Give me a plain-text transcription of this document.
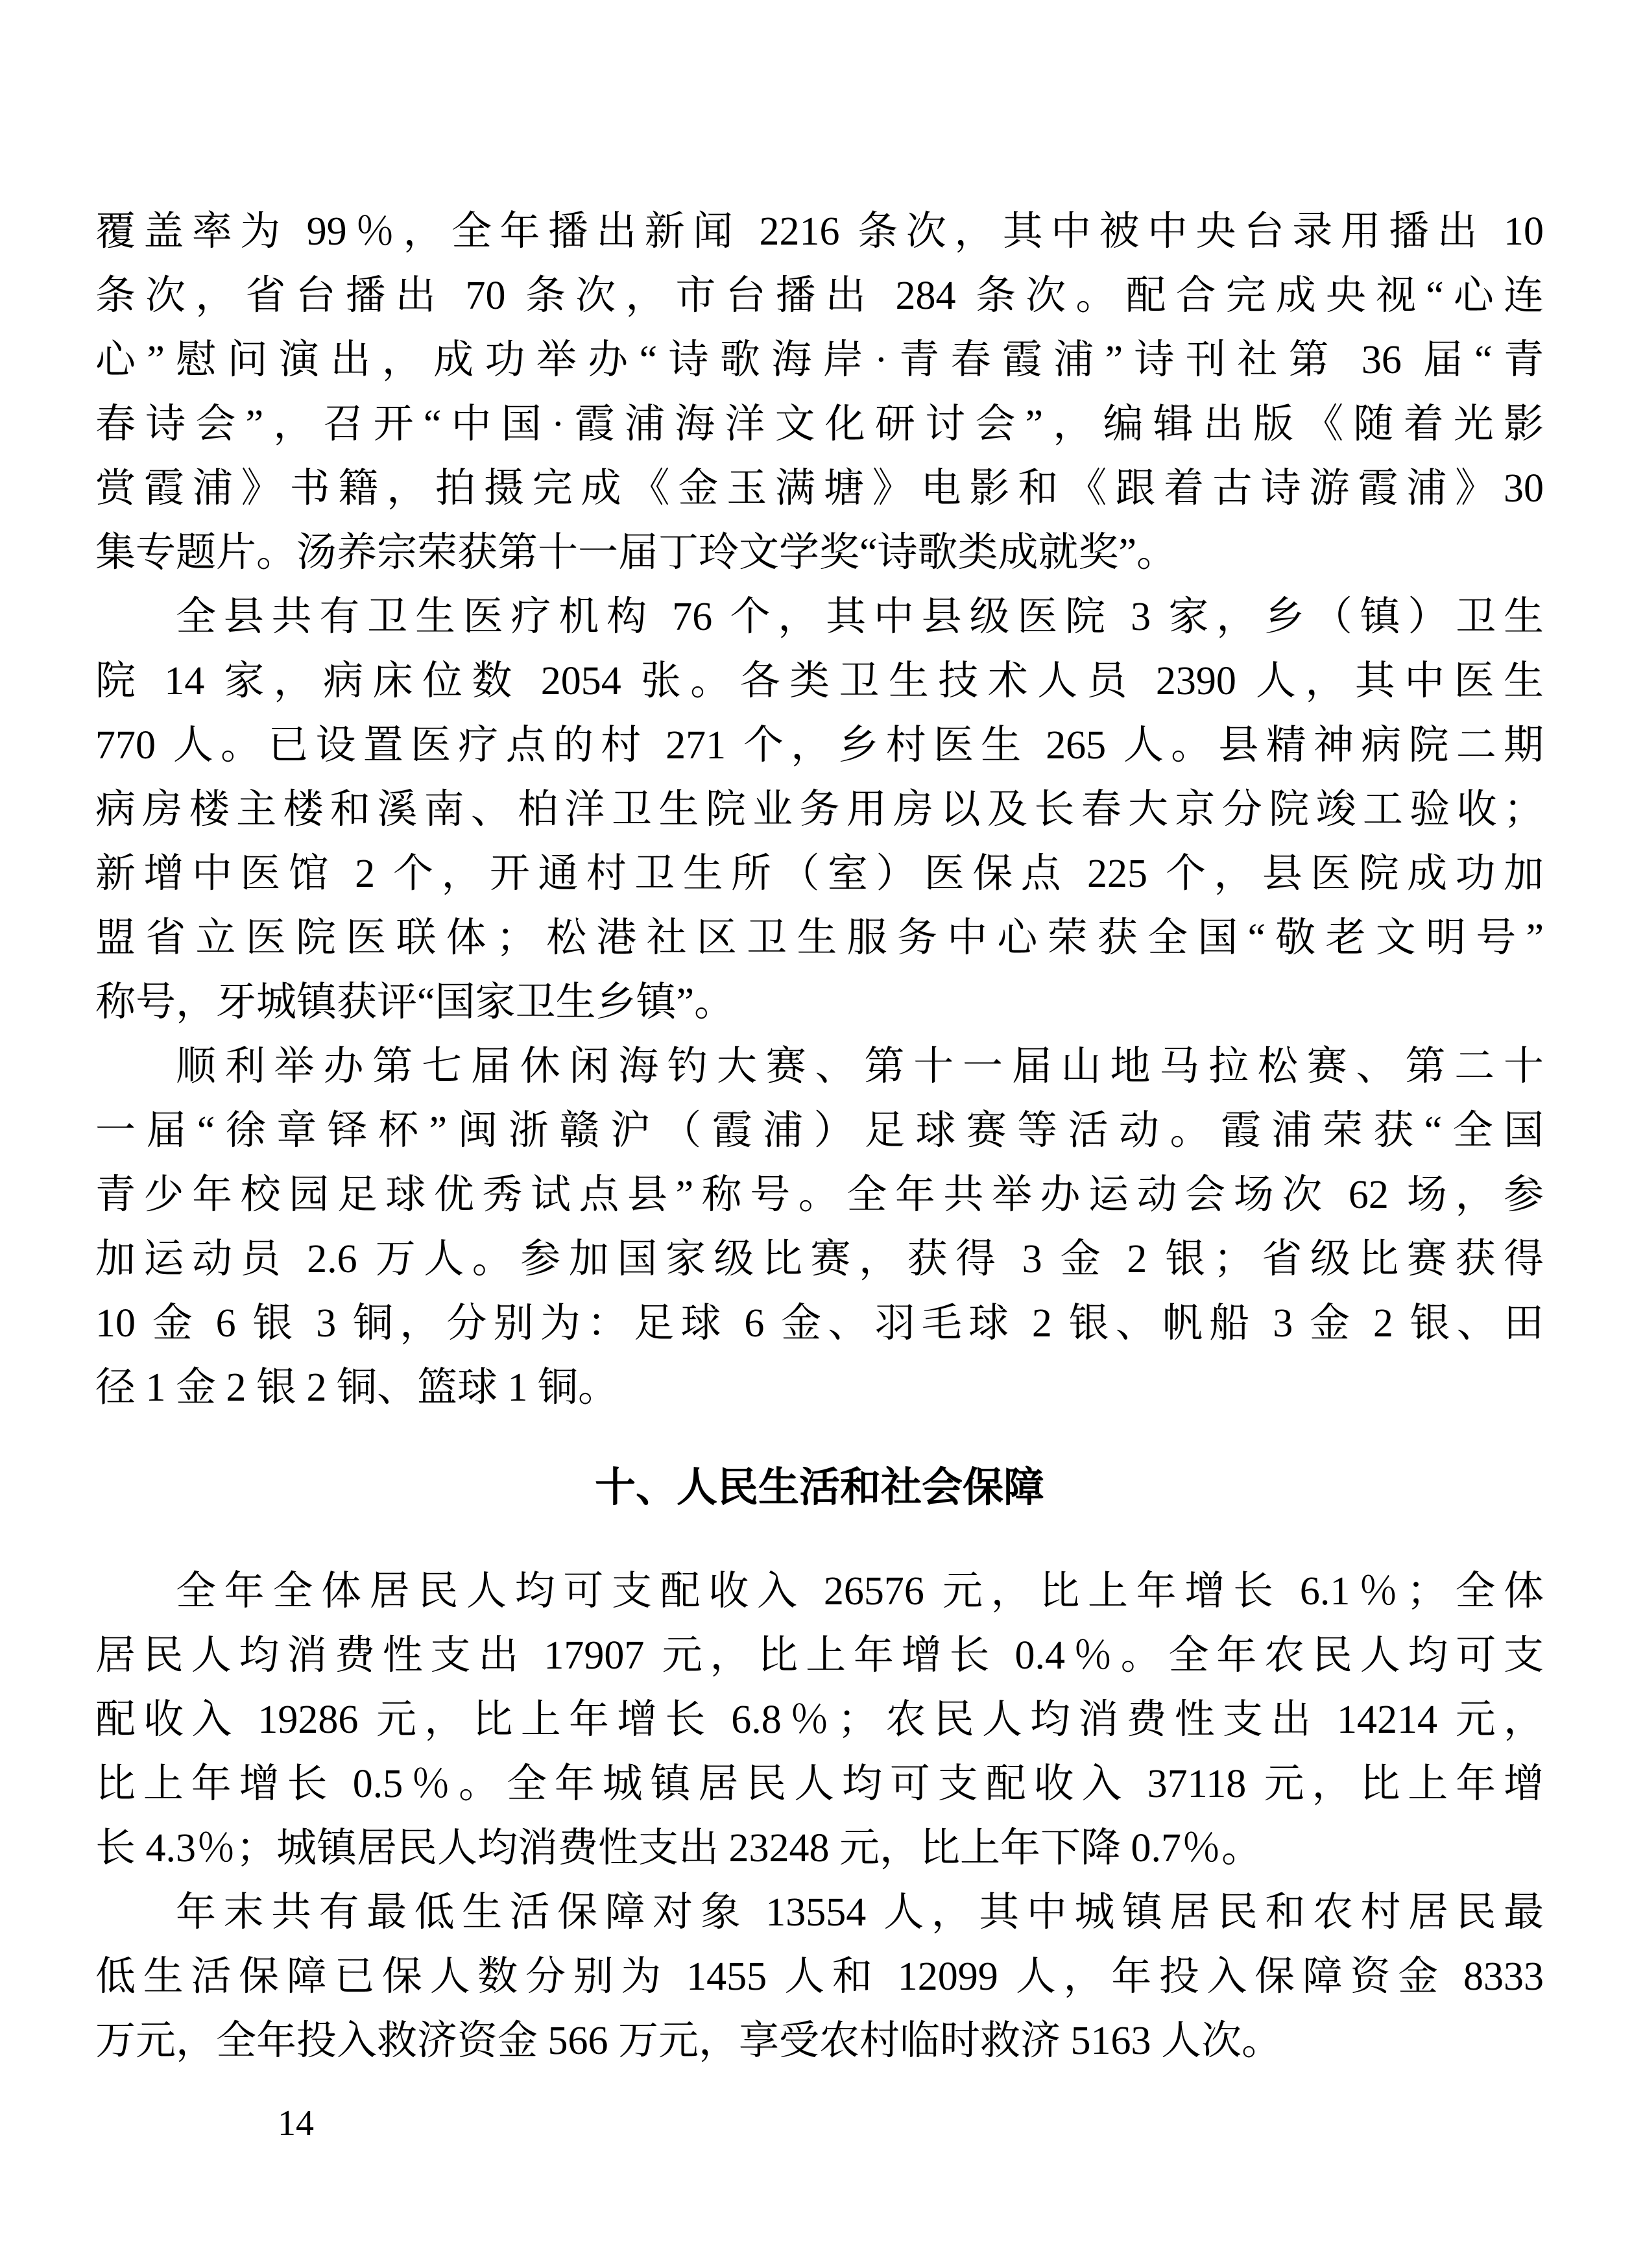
覆盖率为 99％，全年播出新闻 2216 条次，其中被中央台录用播出 10
条次，省台播出 70 条次，市台播出 284 条次。配合完成央视“心连
心”慰问演出，成功举办“诗歌海岸·青春霞浦”诗刊社第 36 届“青
春诗会”，召开“中国·霞浦海洋文化研讨会”，编辑出版《随着光影
赏霞浦》书籍，拍摄完成《金玉满塘》电影和《跟着古诗游霞浦》30
集专题片。汤养宗荣获第十一届丁玲文学奖“诗歌类成就奖”。
全县共有卫生医疗机构 76 个，其中县级医院 3 家，乡（镇）卫生
院 14 家，病床位数 2054 张。各类卫生技术人员 2390 人，其中医生
770 人。已设置医疗点的村 271 个，乡村医生 265 人。县精神病院二期
病房楼主楼和溪南、柏洋卫生院业务用房以及长春大京分院竣工验收；
新增中医馆 2 个，开通村卫生所（室）医保点 225 个，县医院成功加
盟省立医院医联体；松港社区卫生服务中心荣获全国“敬老文明号”
称号，牙城镇获评“国家卫生乡镇”。
顺利举办第七届休闲海钓大赛、第十一届山地马拉松赛、第二十
一届“徐章铎杯”闽浙赣沪（霞浦）足球赛等活动。霞浦荣获“全国
青少年校园足球优秀试点县”称号。全年共举办运动会场次 62 场，参
加运动员 2.6 万人。参加国家级比赛，获得 3 金 2 银；省级比赛获得
10 金 6 银 3 铜，分别为：足球 6 金、羽毛球 2 银、帆船 3 金 2 银、田
径 1 金 2 银 2 铜、篮球 1 铜。
十、人民生活和社会保障
全年全体居民人均可支配收入 26576 元，比上年增长 6.1％；全体
居民人均消费性支出 17907 元，比上年增长 0.4％。全年农民人均可支
配收入 19286 元，比上年增长 6.8％；农民人均消费性支出 14214 元，
比上年增长 0.5％。全年城镇居民人均可支配收入 37118 元，比上年增
长 4.3％；城镇居民人均消费性支出 23248 元，比上年下降 0.7％。
年末共有最低生活保障对象 13554 人，其中城镇居民和农村居民最
低生活保障已保人数分别为 1455 人和 12099 人，年投入保障资金 8333
万元，全年投入救济资金 566 万元，享受农村临时救济 5163 人次。
14
